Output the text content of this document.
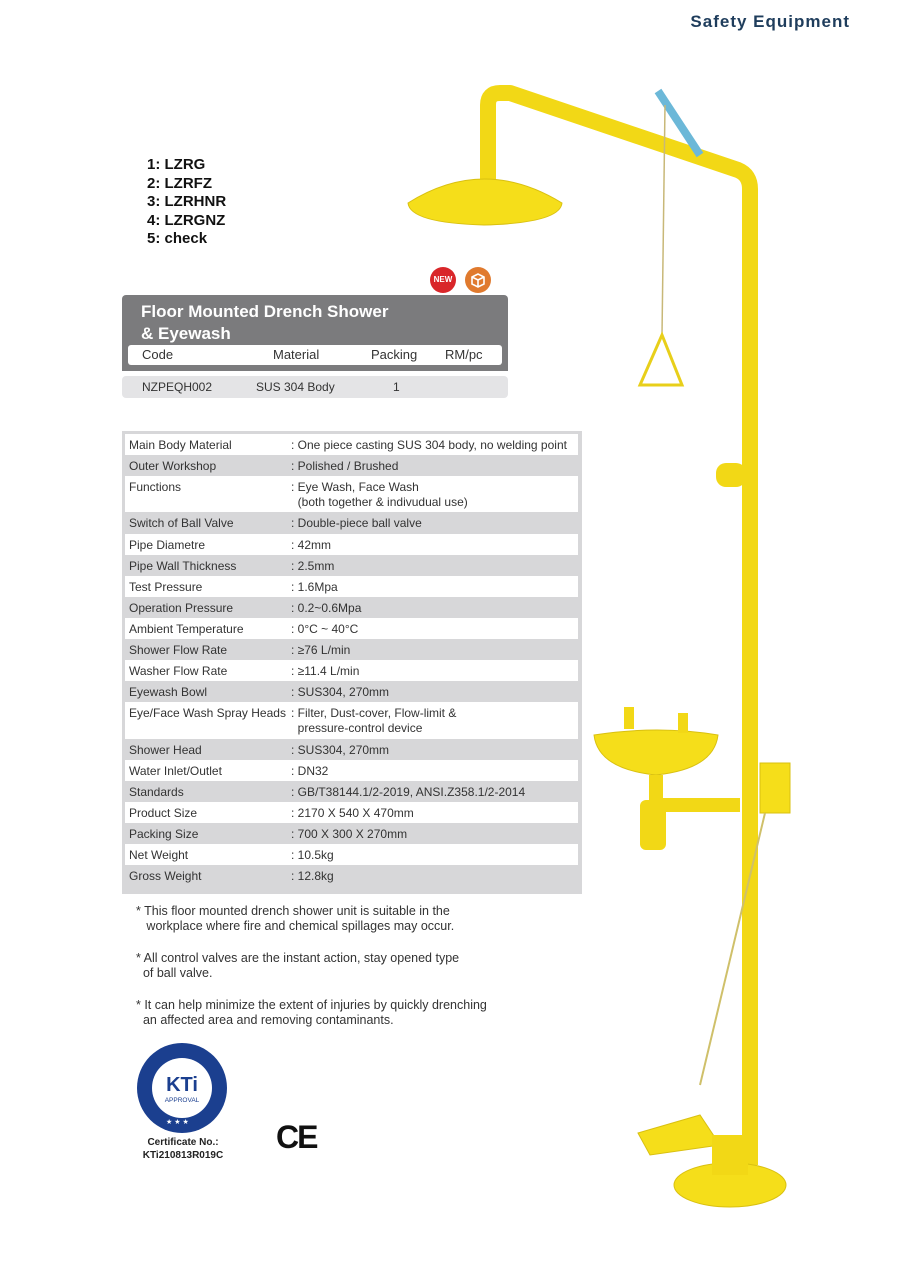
Safety Equipment
1: LZRG
2: LZRFZ
3: LZRHNR
4: LZRGNZ
5: check
NEW
Floor Mounted Drench Shower
& Eyewash
Code	Material	Packing RM/pc
NZPEQH002	SUS 304 Body	1
Main Body Material	: One piece casting SUS 304 body, no welding point
Outer Workshop	: Polished / Brushed
Functions	: Eye Wash, Face Wash
(both together & indivudual use)
Switch of Ball Valve	: Double-piece ball valve
Pipe Diametre	: 42mm
Pipe Wall Thickness	: 2.5mm
Test Pressure	: 1.6Mpa
Operation Pressure	: 0.2~0.6Mpa
Ambient Temperature	: 0°C ~ 40°C
Shower Flow Rate	: ≥76 L/min
Washer Flow Rate	: ≥11.4 L/min
Eyewash Bowl	: SUS304, 270mm
Eye/Face Wash Spray Heads : Filter, Dust-cover, Flow-limit &
pressure-control device
Shower Head	: SUS304, 270mm
Water Inlet/Outlet	: DN32
Standards	: GB/T38144.1/2-2019, ANSI.Z358.1/2-2014
Product Size	: 2170 X 540 X 470mm
Packing Size	: 700 X 300 X 270mm
Net Weight	: 10.5kg
Gross Weight	: 12.8kg

* This floor mounted drench shower unit is suitable in the
workplace where fire and chemical spillages may occur.

* All control valves are the instant action, stay opened type
of ball valve.

* It can help minimize the extent of injuries by quickly drenching
an affected area and removing contaminants.

KTi
APPROVAL
★ ★ ★
Certificate No.:
KTi210813R019C	CE
